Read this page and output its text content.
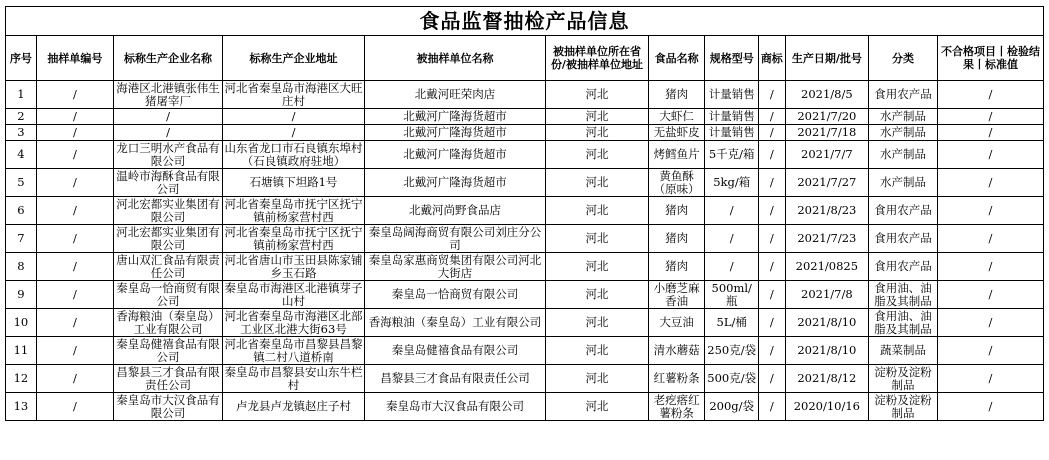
食品监督抽检产品信息
序号	抽样单编号	标称生产企业名称	标称生产企业地址	被抽样单位名称	被抽样单位所在省份/被抽样单位地址	食品名称	规格型号	商标	生产日期/批号	分类	不合格项目丨检验结果丨标准值
1	/	海港区北港镇张伟生猪屠宰厂	河北省秦皇岛市海港区大旺庄村	北戴河旺荣肉店	河北	猪肉	计量销售	/	2021/8/5	食用农产品	/
2	/	/	/	北戴河广隆海货超市	河北	大虾仁	计量销售	/	2021/7/20	水产制品	/
3	/	/	/	北戴河广隆海货超市	河北	无盐虾皮	计量销售	/	2021/7/18	水产制品	/
4	/	龙口三明水产食品有限公司	山东省龙口市石良镇东埠村（石良镇政府驻地）	北戴河广隆海货超市	河北	烤鳕鱼片	5千克/箱	/	2021/7/7	水产制品	/
5	/	温岭市海酥食品有限公司	石塘镇下坦路1号	北戴河广隆海货超市	河北	黄鱼酥（原味）	5kg/箱	/	2021/7/27	水产制品	/
6	/	河北宏都实业集团有限公司	河北省秦皇岛市抚宁区抚宁镇前杨家营村西	北戴河尚野食品店	河北	猪肉	/	/	2021/8/23	食用农产品	/
7	/	河北宏都实业集团有限公司	河北省秦皇岛市抚宁区抚宁镇前杨家营村西	秦皇岛阔海商贸有限公司刘庄分公司	河北	猪肉	/	/	2021/7/23	食用农产品	/
8	/	唐山双汇食品有限责任公司	河北省唐山市玉田县陈家铺乡玉石路	秦皇岛家惠商贸集团有限公司河北大街店	河北	猪肉	/	/	2021/0825	食用农产品	/
9	/	秦皇岛一恰商贸有限公司	秦皇岛市海港区北港镇芽子山村	秦皇岛一恰商贸有限公司	河北	小磨芝麻香油	500ml/瓶	/	2021/7/8	食用油、油脂及其制品	/
10	/	香海粮油（秦皇岛）工业有限公司	河北省秦皇岛市海港区北部工业区北港大街63号	香海粮油（秦皇岛）工业有限公司	河北	大豆油	5L/桶	/	2021/8/10	食用油、油脂及其制品	/
11	/	秦皇岛健禧食品有限公司	河北省秦皇岛市昌黎县昌黎镇二村八道桥南	秦皇岛健禧食品有限公司	河北	清水蘑菇	250克/袋	/	2021/8/10	蔬菜制品	/
12	/	昌黎县三才食品有限责任公司	秦皇岛市昌黎县安山东牛栏村	昌黎县三才食品有限责任公司	河北	红薯粉条	500克/袋	/	2021/8/12	淀粉及淀粉制品	/
13	/	秦皇岛市大汉食品有限公司	卢龙县卢龙镇赵庄子村	秦皇岛市大汉食品有限公司	河北	老疙瘩红薯粉条	200g/袋	/	2020/10/16	淀粉及淀粉制品	/
